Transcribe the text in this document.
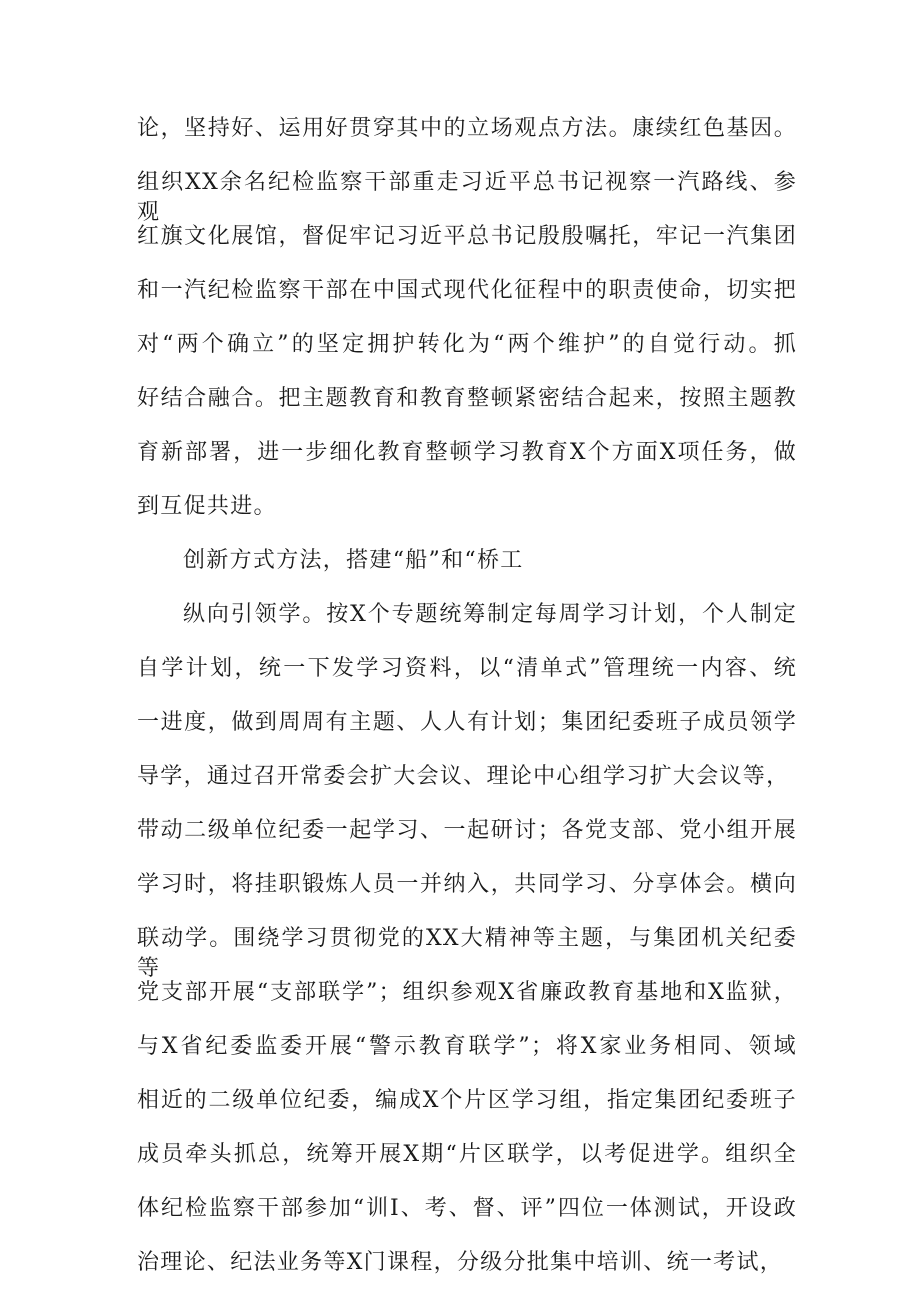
论，坚持好、运用好贯穿其中的立场观点方法。康续红色基因。
组织XX余名纪检监察干部重走习近平总书记视察一汽路线、参观
红旗文化展馆，督促牢记习近平总书记殷殷嘱托，牢记一汽集团
和一汽纪检监察干部在中国式现代化征程中的职责使命，切实把
对“两个确立”的坚定拥护转化为“两个维护”的自觉行动。抓
好结合融合。把主题教育和教育整顿紧密结合起来，按照主题教
育新部署，进一步细化教育整顿学习教育X个方面X项任务，做
到互促共进。
创新方式方法，搭建“船”和“桥工
纵向引领学。按X个专题统筹制定每周学习计划，个人制定
自学计划，统一下发学习资料，以“清单式”管理统一内容、统
一进度，做到周周有主题、人人有计划；集团纪委班子成员领学
导学，通过召开常委会扩大会议、理论中心组学习扩大会议等，
带动二级单位纪委一起学习、一起研讨；各党支部、党小组开展
学习时，将挂职锻炼人员一并纳入，共同学习、分享体会。横向
联动学。围绕学习贯彻党的XX大精神等主题，与集团机关纪委等
党支部开展“支部联学”；组织参观X省廉政教育基地和X监狱，
与X省纪委监委开展“警示教育联学”；将X家业务相同、领域
相近的二级单位纪委，编成X个片区学习组，指定集团纪委班子
成员牵头抓总，统筹开展X期“片区联学，以考促进学。组织全
体纪检监察干部参加“训I、考、督、评”四位一体测试，开设政
治理论、纪法业务等X门课程，分级分批集中培训、统一考试，
